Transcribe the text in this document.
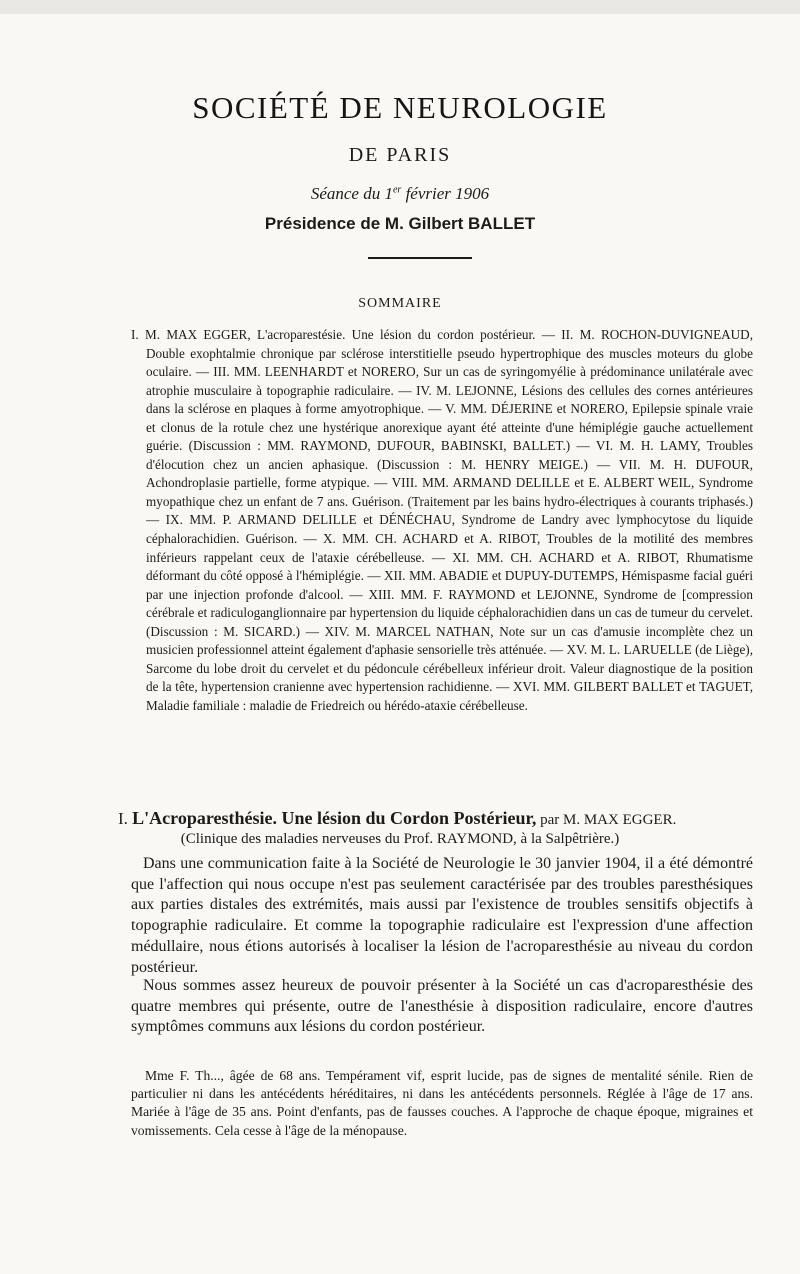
SOCIÉTÉ DE NEUROLOGIE
DE PARIS
Séance du 1er février 1906
Présidence de M. Gilbert BALLET
SOMMAIRE
I. M. MAX EGGER, L'acroparestésie. Une lésion du cordon postérieur. — II. M. ROCHON-DUVIGNEAUD, Double exophtalmie chronique par sclérose interstitielle pseudo hypertrophique des muscles moteurs du globe oculaire. — III. MM. LEENHARDT et NORERO, Sur un cas de syringomyélie à prédominance unilatérale avec atrophie musculaire à topographie radiculaire. — IV. M. LEJONNE, Lésions des cellules des cornes antérieures dans la sclérose en plaques à forme amyotrophique. — V. MM. DÉJERINE et NORERO, Epilepsie spinale vraie et clonus de la rotule chez une hystérique anorexique ayant été atteinte d'une hémiplégie gauche actuellement guérie. (Discussion : MM. RAYMOND, DUFOUR, BABINSKI, BALLET.) — VI. M. H. LAMY, Troubles d'élocution chez un ancien aphasique. (Discussion : M. HENRY MEIGE.) — VII. M. H. DUFOUR, Achondroplasie partielle, forme atypique. — VIII. MM. ARMAND DELILLE et E. ALBERT WEIL, Syndrome myopathique chez un enfant de 7 ans. Guérison. (Traitement par les bains hydro-électriques à courants triphasés.) — IX. MM. P. ARMAND DELILLE et DÉNÉCHAU, Syndrome de Landry avec lymphocytose du liquide céphalorachidien. Guérison. — X. MM. CH. ACHARD et A. RIBOT, Troubles de la motilité des membres inférieurs rappelant ceux de l'ataxie cérébelleuse. — XI. MM. CH. ACHARD et A. RIBOT, Rhumatisme déformant du côté opposé à l'hémiplégie. — XII. MM. ABADIE et DUPUY-DUTEMPS, Hémispasme facial guéri par une injection profonde d'alcool. — XIII. MM. F. RAYMOND et LEJONNE, Syndrome de [compression cérébrale et radiculoganglionnaire par hypertension du liquide céphalorachidien dans un cas de tumeur du cervelet. (Discussion : M. SICARD.) — XIV. M. MARCEL NATHAN, Note sur un cas d'amusie incomplète chez un musicien professionnel atteint également d'aphasie sensorielle très atténuée. — XV. M. L. LARUELLE (de Liège), Sarcome du lobe droit du cervelet et du pédoncule cérébelleux inférieur droit. Valeur diagnostique de la position de la tête, hypertension cranienne avec hypertension rachidienne. — XVI. MM. GILBERT BALLET et TAGUET, Maladie familiale : maladie de Friedreich ou hérédo-ataxie cérébelleuse.
I. L'Acroparesthésie. Une lésion du Cordon Postérieur, par M. MAX EGGER.
(Clinique des maladies nerveuses du Prof. RAYMOND, à la Salpêtrière.)
Dans une communication faite à la Société de Neurologie le 30 janvier 1904, il a été démontré que l'affection qui nous occupe n'est pas seulement caractérisée par des troubles paresthésiques aux parties distales des extrémités, mais aussi par l'existence de troubles sensitifs objectifs à topographie radiculaire. Et comme la topographie radiculaire est l'expression d'une affection médullaire, nous étions autorisés à localiser la lésion de l'acroparesthésie au niveau du cordon postérieur.
Nous sommes assez heureux de pouvoir présenter à la Société un cas d'acroparesthésie des quatre membres qui présente, outre de l'anesthésie à disposition radiculaire, encore d'autres symptômes communs aux lésions du cordon postérieur.
Mme F. Th..., âgée de 68 ans. Tempérament vif, esprit lucide, pas de signes de mentalité sénile. Rien de particulier ni dans les antécédents héréditaires, ni dans les antécédents personnels. Réglée à l'âge de 17 ans. Mariée à l'âge de 35 ans. Point d'enfants, pas de fausses couches. A l'approche de chaque époque, migraines et vomissements. Cela cesse à l'âge de la ménopause.
